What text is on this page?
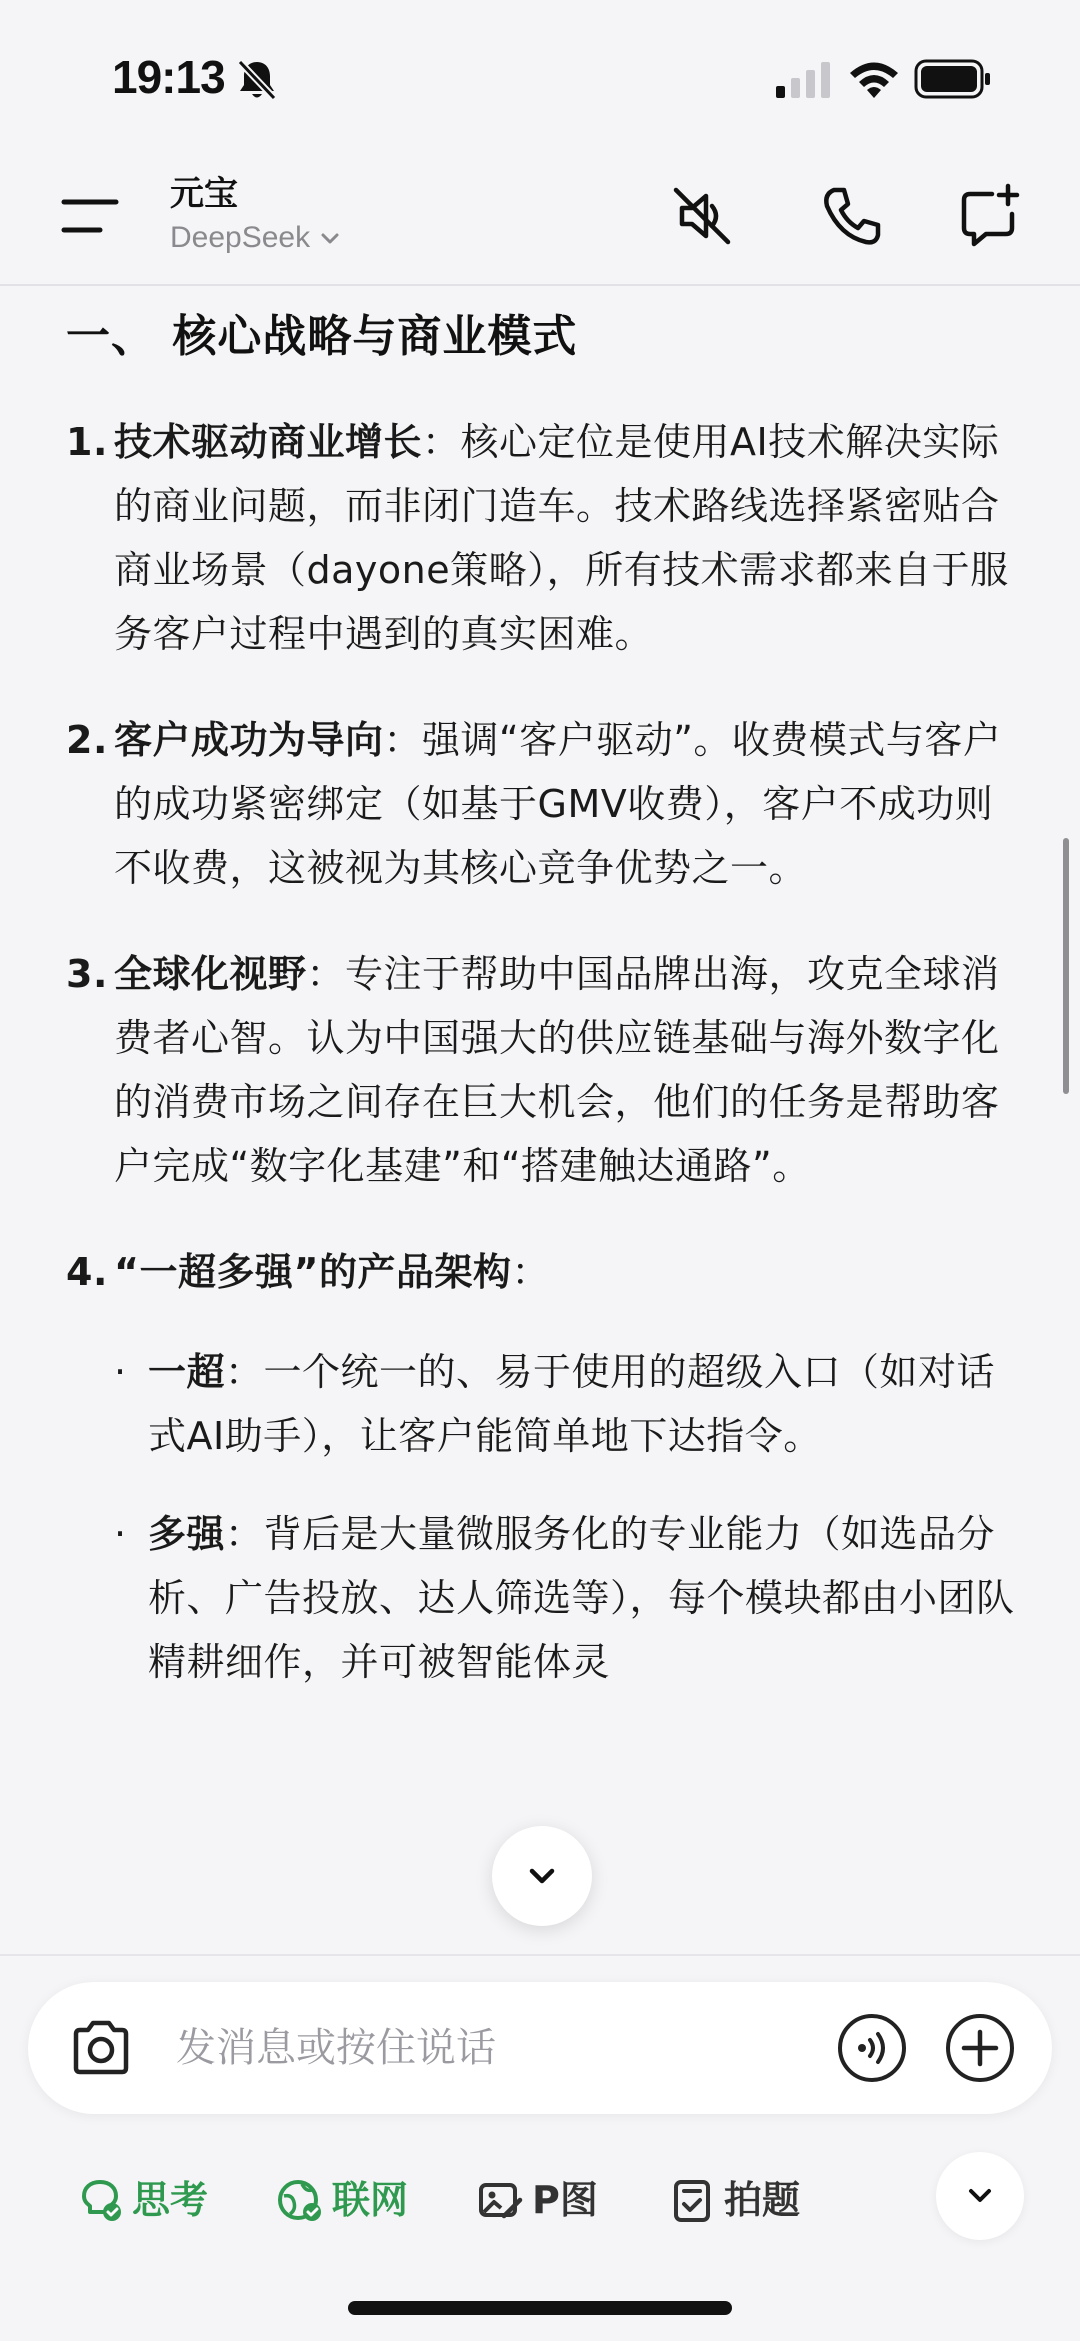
19:13
元宝
DeepSeek
一、 核心战略与商业模式
1. 技术驱动商业增长：核心定位是使用AI技术解决实际的商业问题，而非闭门造车。技术路线选择紧密贴合商业场景（dayone策略），所有技术需求都来自于服务客户过程中遇到的真实困难。
2. 客户成功为导向：强调“客户驱动”。收费模式与客户的成功紧密绑定（如基于GMV收费），客户不成功则不收费，这被视为其核心竞争优势之一。
3. 全球化视野：专注于帮助中国品牌出海，攻克全球消费者心智。认为中国强大的供应链基础与海外数字化的消费市场之间存在巨大机会，他们的任务是帮助客户完成“数字化基建”和“搭建触达通路”。
4. “一超多强”的产品架构：
· 一超：一个统一的、易于使用的超级入口（如对话式AI助手），让客户能简单地下达指令。
· 多强：背后是大量微服务化的专业能力（如选品分析、广告投放、达人筛选等），每个模块都由小团队精耕细作，并可被智能体灵
发消息或按住说话
思考	联网	P图	拍题
